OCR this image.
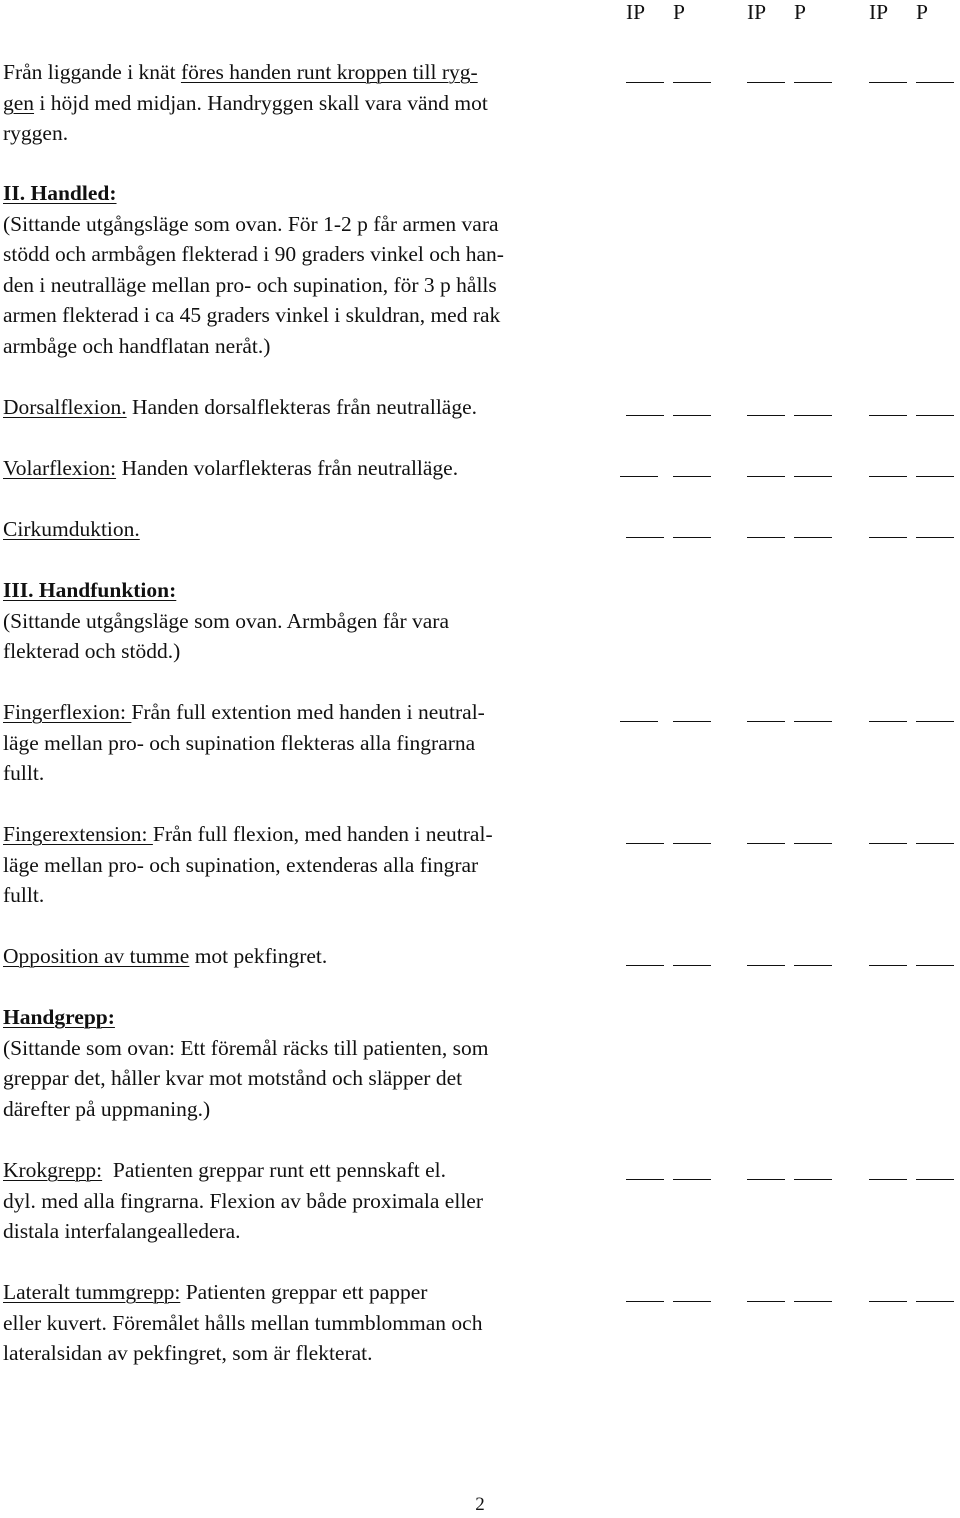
IP P	IP P	IP P
Från liggande i knät föres handen runt kroppen till ryg-
gen i höjd med midjan. Handryggen skall vara vänd mot
ryggen.
II. Handled:
(Sittande utgångsläge som ovan. För 1-2 p får armen vara
stödd och armbågen flekterad i 90 graders vinkel och han-
den i neutralläge mellan pro- och supination, för 3 p hålls
armen flekterad i ca 45 graders vinkel i skuldran, med rak
armbåge och handflatan neråt.)
Dorsalflexion. Handen dorsalflekteras från neutralläge.
Volarflexion: Handen volarflekteras från neutralläge.
Cirkumduktion.
III. Handfunktion:
(Sittande utgångsläge som ovan. Armbågen får vara
flekterad och stödd.)
Fingerflexion: Från full extention med handen i neutral-
läge mellan pro- och supination flekteras alla fingrarna
fullt.
Fingerextension: Från full flexion, med handen i neutral-
läge mellan pro- och supination, extenderas alla fingrar
fullt.
Opposition av tumme mot pekfingret.
Handgrepp:
(Sittande som ovan: Ett föremål räcks till patienten, som
greppar det, håller kvar mot motstånd och släpper det
därefter på uppmaning.)
Krokgrepp:  Patienten greppar runt ett pennskaft el.
dyl. med alla fingrarna. Flexion av både proximala eller
distala interfalangealledera.
Lateralt tummgrepp: Patienten greppar ett papper
eller kuvert. Föremålet hålls mellan tummblomman och
lateralsidan av pekfingret, som är flekterat.
2
